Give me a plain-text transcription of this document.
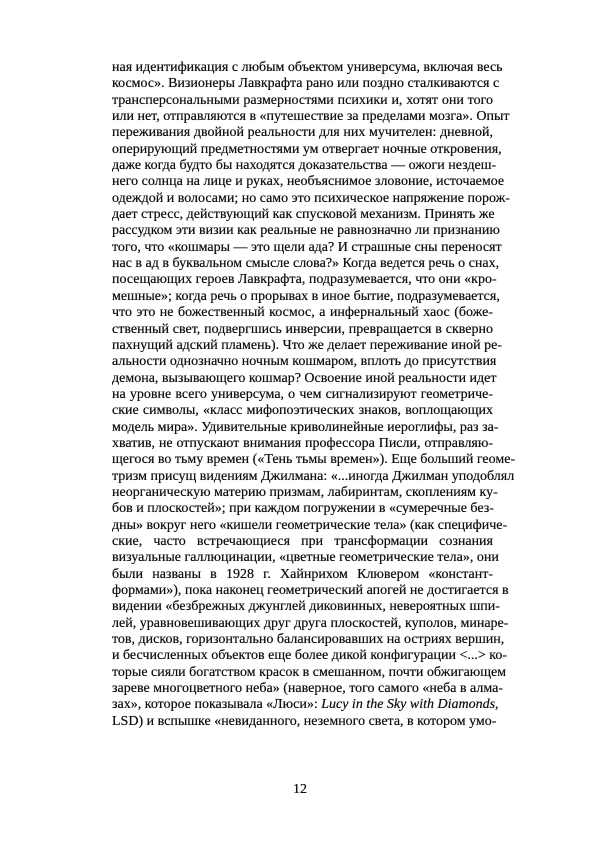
ная идентификация с любым объектом универсума, включая весь
космос». Визионеры Лавкрафта рано или поздно сталкиваются с
трансперсональными размерностями психики и, хотят они того
или нет, отправляются в «путешествие за пределами мозга». Опыт
переживания двойной реальности для них мучителен: дневной,
оперирующий предметностями ум отвергает ночные откровения,
даже когда будто бы находятся доказательства — ожоги нездеш-
него солнца на лице и руках, необъяснимое зловоние, источаемое
одеждой и волосами; но само это психическое напряжение порож-
дает стресс, действующий как спусковой механизм. Принять же
рассудком эти визии как реальные не равнозначно ли признанию
того, что «кошмары — это щели ада? И страшные сны переносят
нас в ад в буквальном смысле слова?» Когда ведется речь о снах,
посещающих героев Лавкрафта, подразумевается, что они «кро-
мешные»; когда речь о прорывах в иное бытие, подразумевается,
что это не божественный космос, а инфернальный хаос (боже-
ственный свет, подвергшись инверсии, превращается в скверно
пахнущий адский пламень). Что же делает переживание иной ре-
альности однозначно ночным кошмаром, вплоть до присутствия
демона, вызывающего кошмар? Освоение иной реальности идет
на уровне всего универсума, о чем сигнализируют геометриче-
ские символы, «класс мифопоэтических знаков, воплощающих
модель мира». Удивительные криволинейные иероглифы, раз за-
хватив, не отпускают внимания профессора Писли, отправляю-
щегося во тьму времен («Тень тьмы времен»). Еще больший геоме-
тризм присущ видениям Джилмана: «...иногда Джилман уподоблял
неорганическую материю призмам, лабиринтам, скоплениям ку-
бов и плоскостей»; при каждом погружении в «сумеречные без-
дны» вокруг него «кишели геометрические тела» (как специфиче-
ские, часто встречающиеся при трансформации сознания
визуальные галлюцинации, «цветные геометрические тела», они
были названы в 1928 г. Хайнрихом Клювером «констант-
формами»), пока наконец геометрический апогей не достигается в
видении «безбрежных джунглей диковинных, невероятных шпи-
лей, уравновешивающих друг друга плоскостей, куполов, минаре-
тов, дисков, горизонтально балансировавших на остриях вершин,
и бесчисленных объектов еще более дикой конфигурации <...> ко-
торые сияли богатством красок в смешанном, почти обжигающем
зареве многоцветного неба» (наверное, того самого «неба в алма-
зах», которое показывала «Люси»: Lucy in the Sky with Diamonds,
LSD) и вспышке «невиданного, неземного света, в котором умо-
12
